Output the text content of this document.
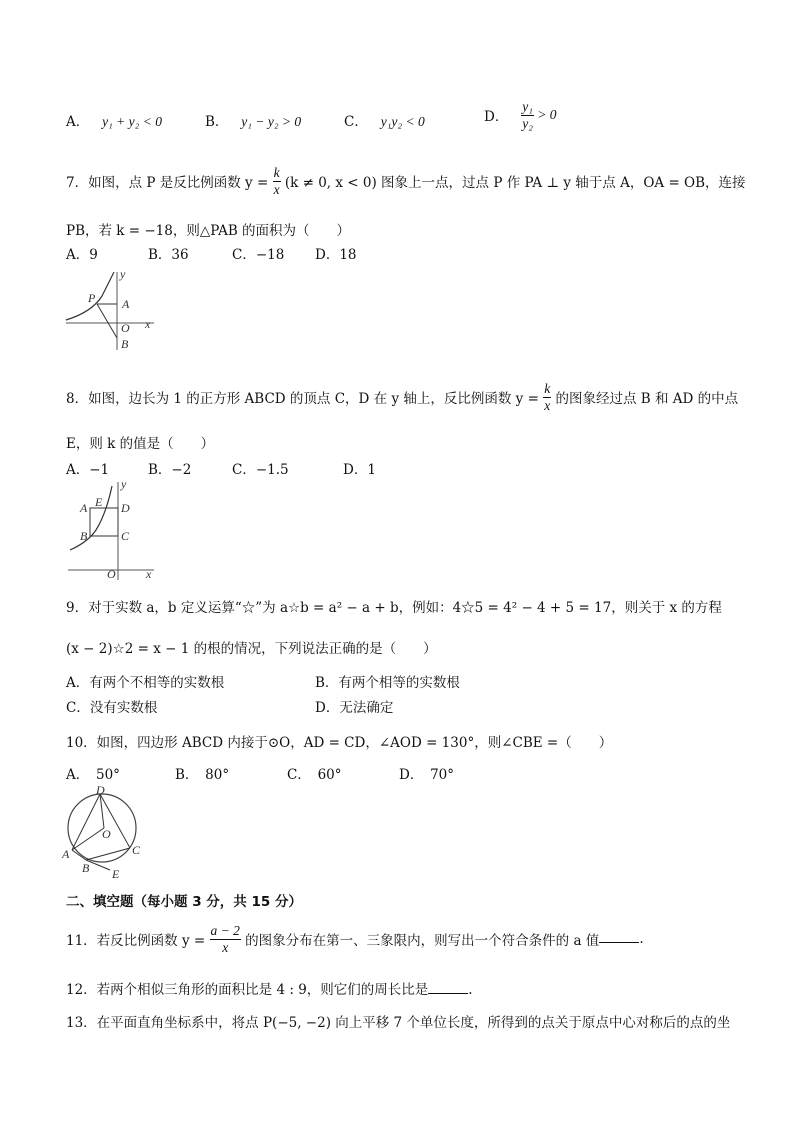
A． y₁ + y₂ < 0	B． y₁ − y₂ > 0	C． y₁y₂ < 0	D． $\frac{\text{y₁}}{\text{y₂}} > 0$
7．如图，点 P 是反比例函数 $y = \frac{k}{x} (k \ne 0$, x < 0) 图象上一点，过点 P 作 PA ⊥ y 轴于点 A，OA = OB，连接
PB，若 k = −18，则△PAB 的面积为（　　）
A．9	B．36	C．−18 D．18
y
P A
O x
B
8．如图，边长为 1 的正方形 ABCD 的顶点 C，D 在 y 轴上，反比例函数 $y = \frac{k}{x}$ 的图象经过点 B 和 AD 的中点
E，则 k 的值是（　　）
A．−1	B．−2	C．−1.5	D．1
y
A E D
B	C
O	x
9．对于实数 a，b 定义运算“☆”为 a☆b = a² − a + b，例如：4☆5 = 4² − 4 + 5 = 17，则关于 x 的方程
(x − 2)☆2 = x − 1 的根的情况，下列说法正确的是（　　）
A．有两个不相等的实数根	B．有两个相等的实数根
C．没有实数根	D．无法确定
10．如图，四边形 ABCD 内接于⊙O，AD = CD，∠AOD = 130°，则∠CBE =（　　）
A．　50°	B．　80°	C．　60°	D．　70°
D
O
A
B
C
E
二、填空题（每小题 3 分，共 15 分）
11．若反比例函数 $y = \frac{a - 2}{x}$ 的图象分布在第一、三象限内，则写出一个符合条件的 a 值	.
12．若两个相似三角形的面积比是 4 : 9，则它们的周长比是	.
13．在平面直角坐标系中，将点 P(−5, −2) 向上平移 7 个单位长度，所得到的点关于原点中心对称后的点的坐
